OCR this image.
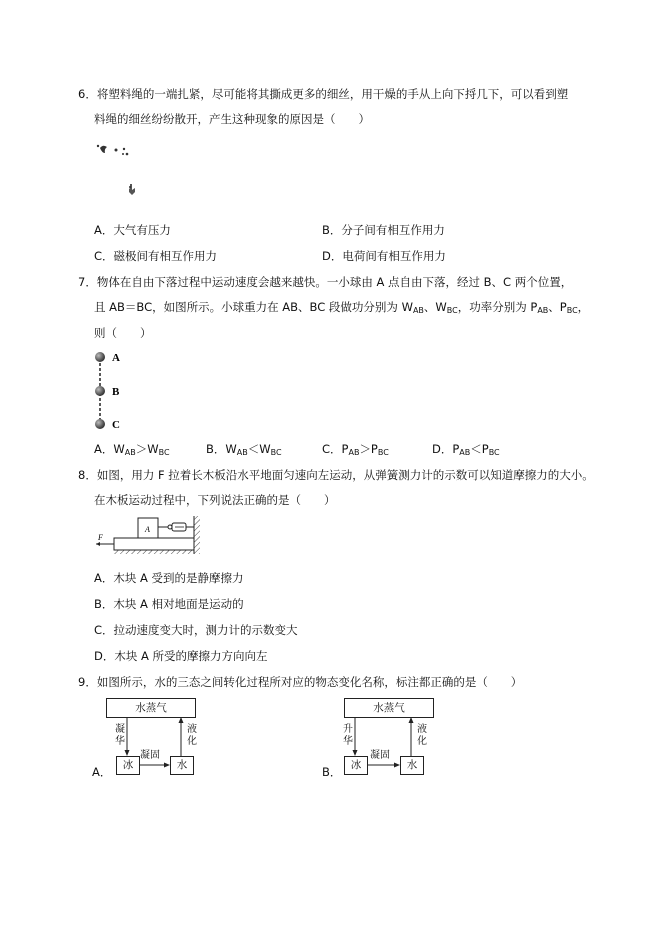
6．将塑料绳的一端扎紧，尽可能将其撕成更多的细丝，用干燥的手从上向下捋几下，可以看到塑
料绳的细丝纷纷散开，产生这种现象的原因是（　　）
A．大气有压力	B．分子间有相互作用力
C．磁极间有相互作用力	D．电荷间有相互作用力
7．物体在自由下落过程中运动速度会越来越快。一小球由 A 点自由下落，经过 B、C 两个位置，
且 AB＝BC，如图所示。小球重力在 AB、BC 段做功分别为 $W_{AB}$、$W_{BC}$，功率分别为 $P_{AB}$、$P_{BC}$，
则（　　）
A
B
C
A．$W_{AB}>W_{BC}$	B．$W_{AB}<W_{BC}$	C．$P_{AB}>P_{BC}$	D．$P_{AB}<P_{BC}$
8．如图，用力 F 拉着长木板沿水平地面匀速向左运动，从弹簧测力计的示数可以知道摩擦力的大小。
在木板运动过程中，下列说法正确的是（　　）
A
F
A．木块 A 受到的是静摩擦力
B．木块 A 相对地面是运动的
C．拉动速度变大时，测力计的示数变大
D．木块 A 所受的摩擦力方向向左
9．如图所示，水的三态之间转化过程所对应的物态变化名称，标注都正确的是（　　）
A．
水蒸气
冰	水
凝华
液化
凝固
B．
水蒸气
冰	水
升华
液化
凝固
